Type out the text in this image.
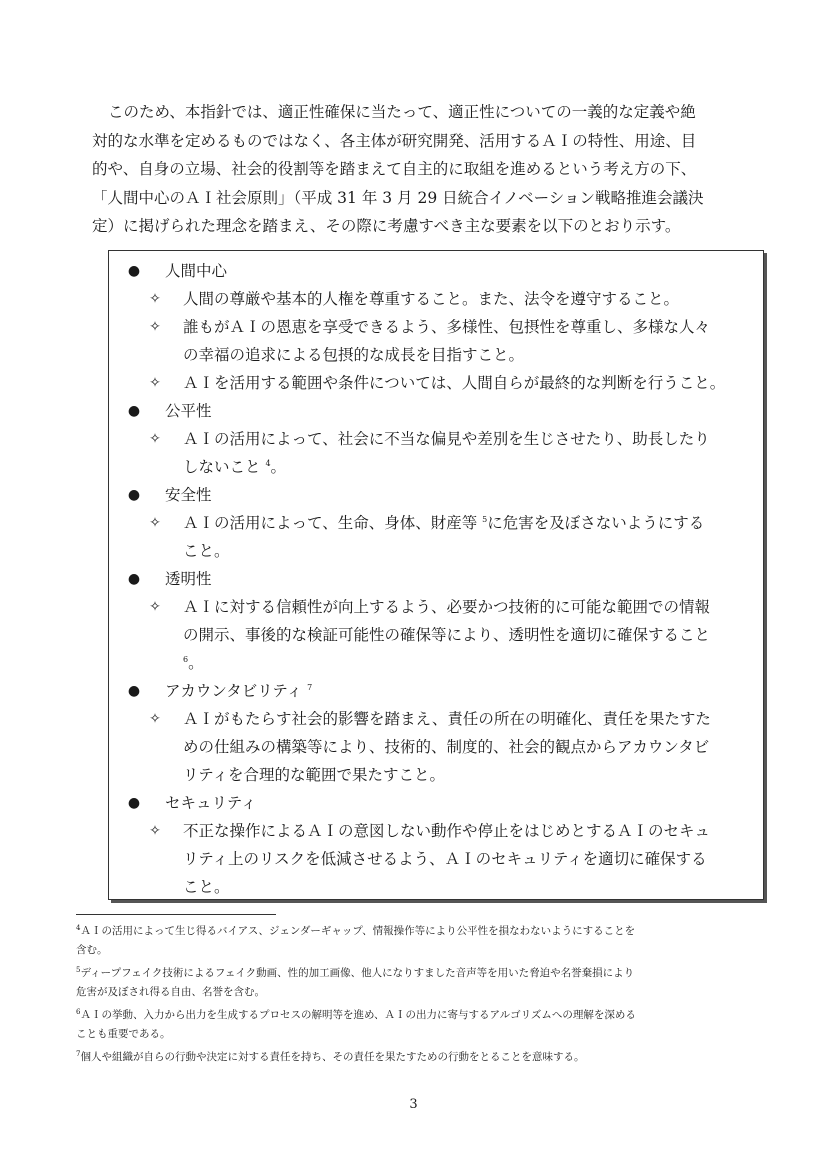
このため、本指針では、適正性確保に当たって、適正性についての一義的な定義や絶
対的な水準を定めるものではなく、各主体が研究開発、活用するＡＩの特性、用途、目
的や、自身の立場、社会的役割等を踏まえて自主的に取組を進めるという考え方の下、
「人間中心のＡＩ社会原則」（平成 31 年 3 月 29 日統合イノベーション戦略推進会議決
定）に掲げられた理念を踏まえ、その際に考慮すべき主な要素を以下のとおり示す。
● 人間中心
✧ 人間の尊厳や基本的人権を尊重すること。また、法令を遵守すること。
✧ 誰もがＡＩの恩恵を享受できるよう、多様性、包摂性を尊重し、多様な人々
の幸福の追求による包摂的な成長を目指すこと。
✧ ＡＩを活用する範囲や条件については、人間自らが最終的な判断を行うこと。
● 公平性
✧ ＡＩの活用によって、社会に不当な偏見や差別を生じさせたり、助長したり
しないこと $^4$。
● 安全性
✧ ＡＩの活用によって、生命、身体、財産等 $^5$に危害を及ぼさないようにする
こと。
● 透明性
✧ ＡＩに対する信頼性が向上するよう、必要かつ技術的に可能な範囲での情報
の開示、事後的な検証可能性の確保等により、透明性を適切に確保すること
$^6$。
● アカウンタビリティ $^7$
✧ ＡＩがもたらす社会的影響を踏まえ、責任の所在の明確化、責任を果たすた
めの仕組みの構築等により、技術的、制度的、社会的観点からアカウンタビ
リティを合理的な範囲で果たすこと。
● セキュリティ
✧ 不正な操作によるＡＩの意図しない動作や停止をはじめとするＡＩのセキュ
リティ上のリスクを低減させるよう、ＡＩのセキュリティを適切に確保する
こと。
$^4$ＡＩの活用によって生じ得るバイアス、ジェンダーギャップ、情報操作等により公平性を損なわないようにすることを
含む。
$^5$ディープフェイク技術によるフェイク動画、性的加工画像、他人になりすました音声等を用いた脅迫や名誉棄損により
危害が及ぼされ得る自由、名誉を含む。
$^6$ＡＩの挙動、入力から出力を生成するプロセスの解明等を進め、ＡＩの出力に寄与するアルゴリズムへの理解を深める
ことも重要である。
$^7$個人や組織が自らの行動や決定に対する責任を持ち、その責任を果たすための行動をとることを意味する。
3
